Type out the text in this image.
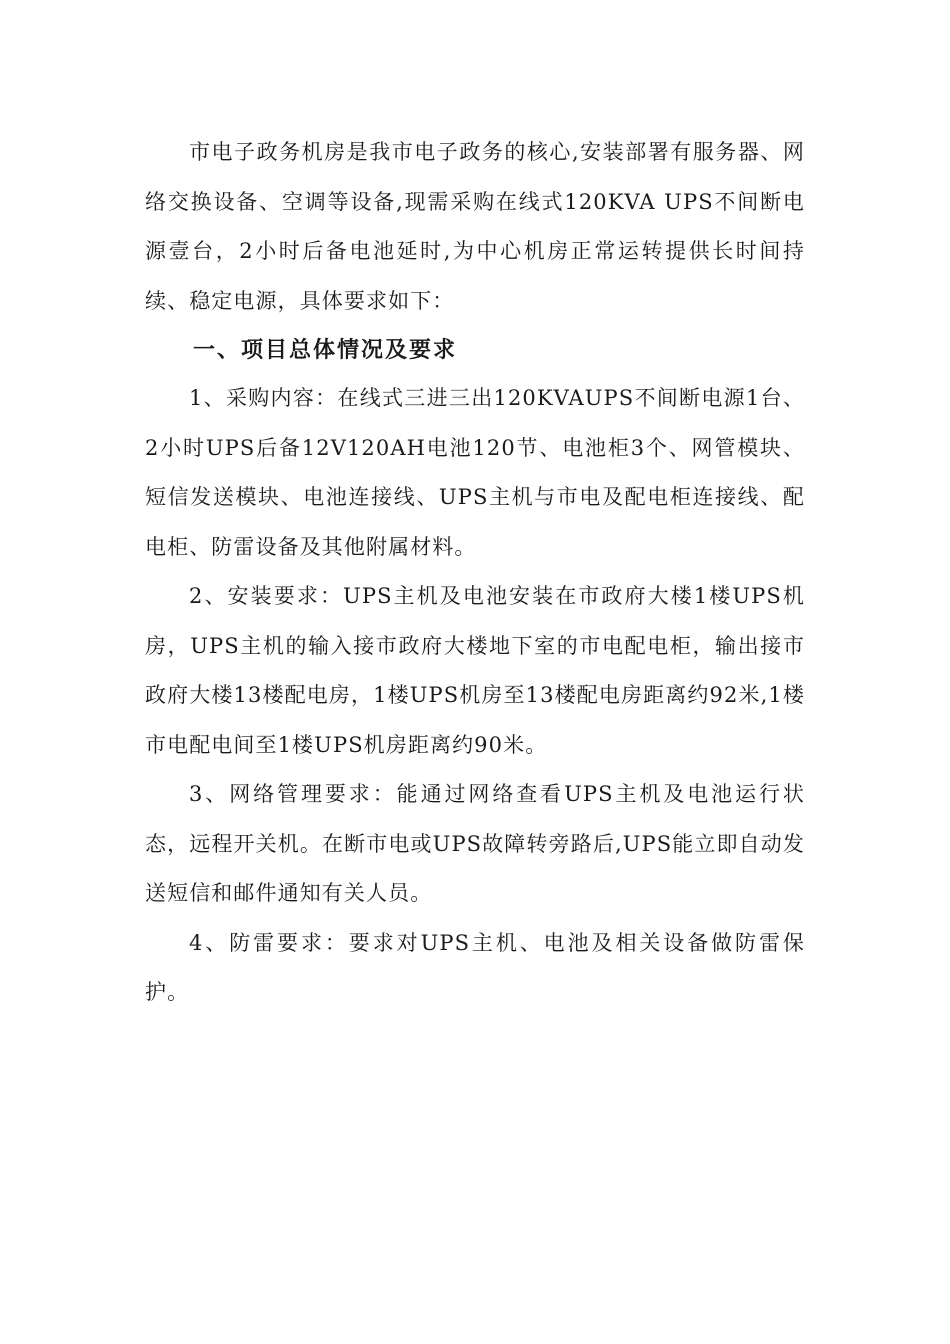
市电子政务机房是我市电子政务的核心,安装部署有服务器、网络交换设备、空调等设备,现需采购在线式120KVA UPS不间断电源壹台，2小时后备电池延时,为中心机房正常运转提供长时间持续、稳定电源，具体要求如下：

一、项目总体情况及要求

1、采购内容：在线式三进三出120KVAUPS不间断电源1台、2小时UPS后备12V120AH电池120节、电池柜3个、网管模块、短信发送模块、电池连接线、UPS主机与市电及配电柜连接线、配电柜、防雷设备及其他附属材料。

2、安装要求：UPS主机及电池安装在市政府大楼1楼UPS机房，UPS主机的输入接市政府大楼地下室的市电配电柜，输出接市政府大楼13楼配电房，1楼UPS机房至13楼配电房距离约92米,1楼市电配电间至1楼UPS机房距离约90米。

3、网络管理要求：能通过网络查看UPS主机及电池运行状态，远程开关机。在断市电或UPS故障转旁路后,UPS能立即自动发送短信和邮件通知有关人员。

4、防雷要求：要求对UPS主机、电池及相关设备做防雷保护。
